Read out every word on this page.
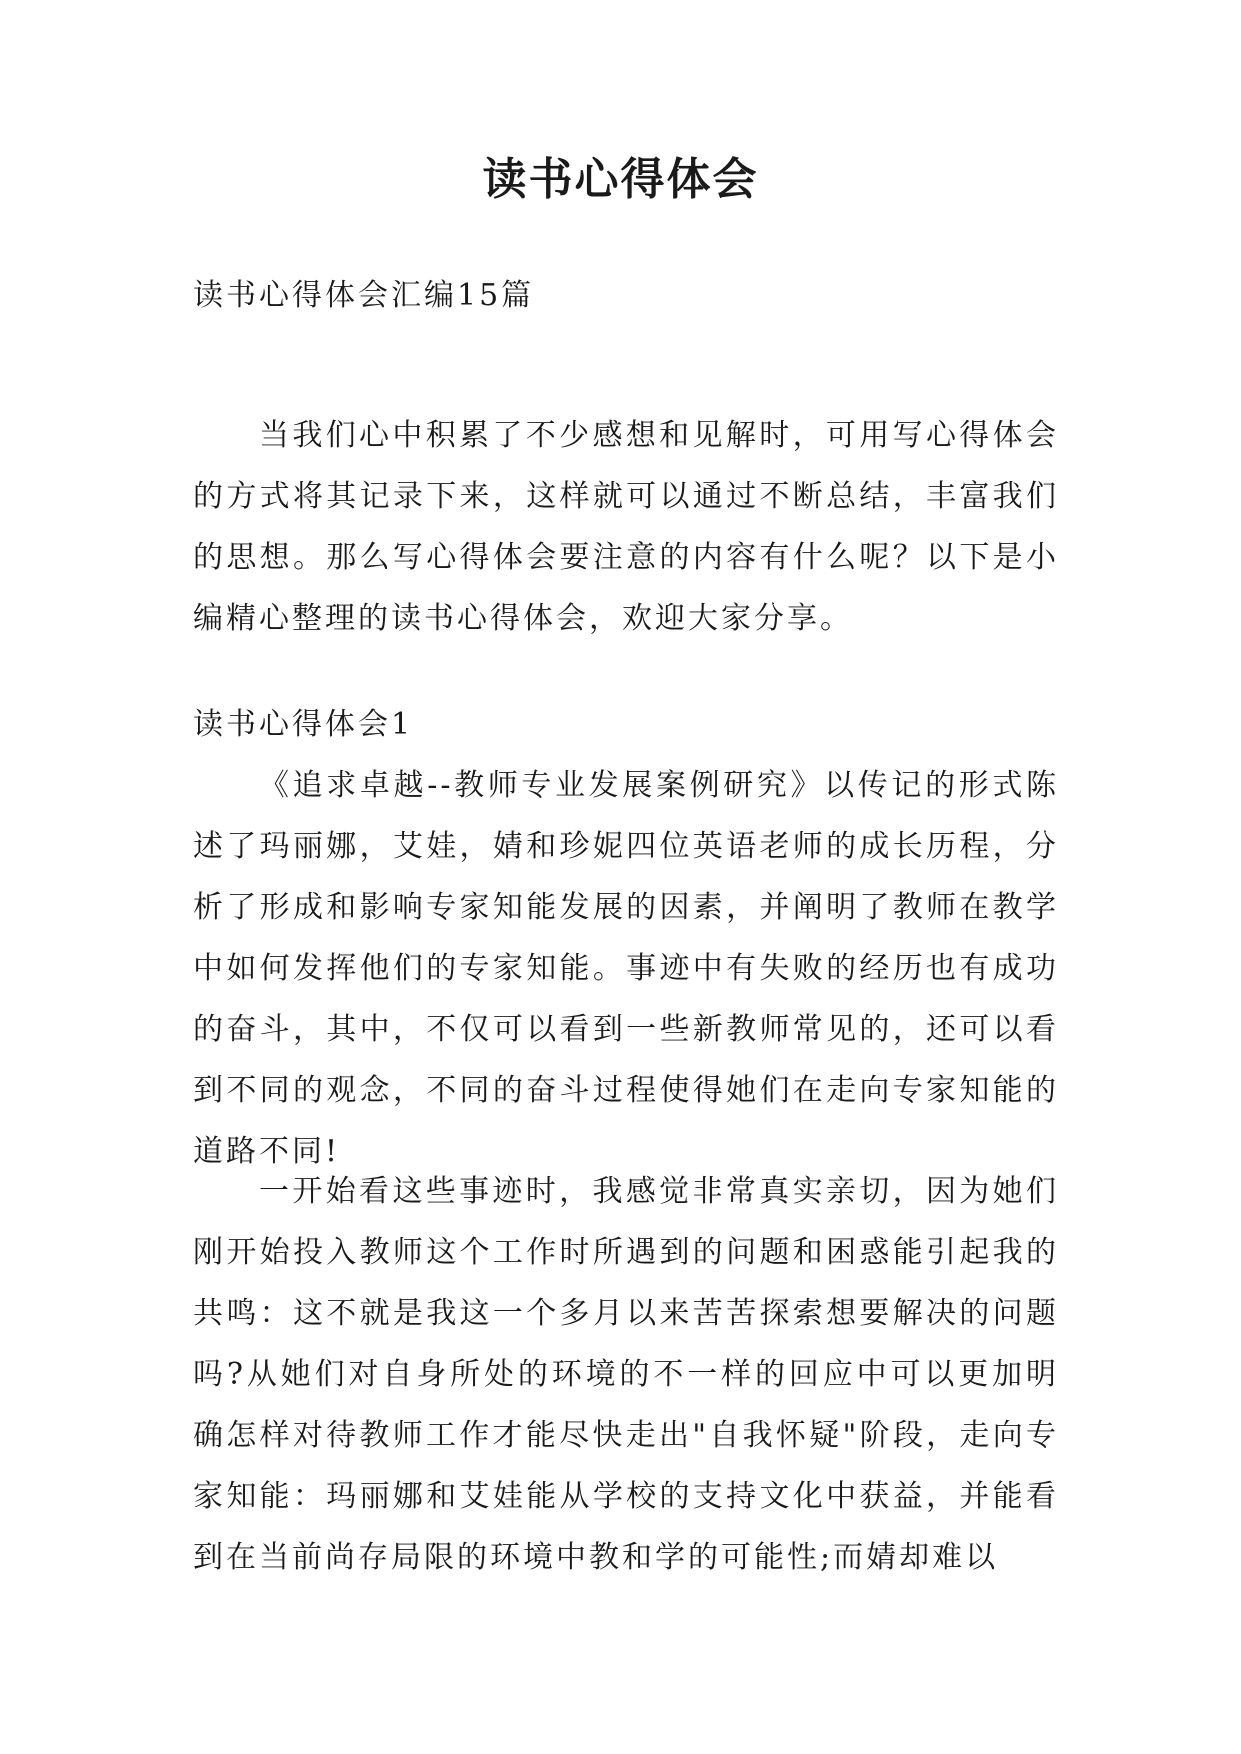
读书心得体会

读书心得体会汇编15篇

当我们心中积累了不少感想和见解时，可用写心得体会的方式将其记录下来，这样就可以通过不断总结，丰富我们的思想。那么写心得体会要注意的内容有什么呢？以下是小编精心整理的读书心得体会，欢迎大家分享。

读书心得体会1

《追求卓越--教师专业发展案例研究》以传记的形式陈述了玛丽娜，艾娃，婧和珍妮四位英语老师的成长历程，分析了形成和影响专家知能发展的因素，并阐明了教师在教学中如何发挥他们的专家知能。事迹中有失败的经历也有成功的奋斗，其中，不仅可以看到一些新教师常见的，还可以看到不同的观念，不同的奋斗过程使得她们在走向专家知能的道路不同!

一开始看这些事迹时，我感觉非常真实亲切，因为她们刚开始投入教师这个工作时所遇到的问题和困惑能引起我的共鸣：这不就是我这一个多月以来苦苦探索想要解决的问题吗?从她们对自身所处的环境的不一样的回应中可以更加明确怎样对待教师工作才能尽快走出"自我怀疑"阶段，走向专家知能：玛丽娜和艾娃能从学校的支持文化中获益，并能看到在当前尚存局限的环境中教和学的可能性;而婧却难以
